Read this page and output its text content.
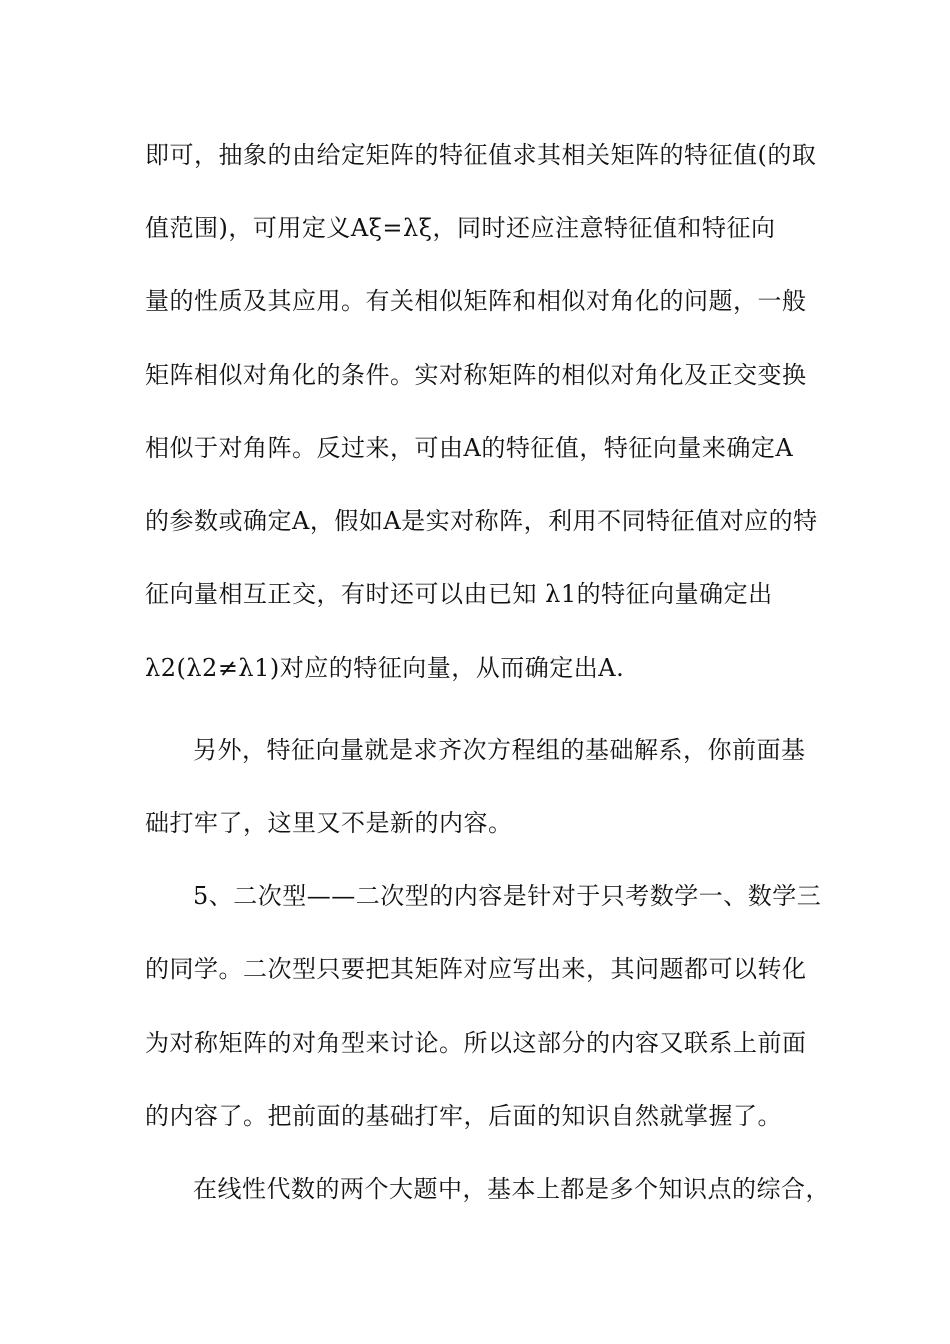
即可，抽象的由给定矩阵的特征值求其相关矩阵的特征值(的取
值范围)，可用定义Aξ=λξ，同时还应注意特征值和特征向
量的性质及其应用。有关相似矩阵和相似对角化的问题，一般
矩阵相似对角化的条件。实对称矩阵的相似对角化及正交变换
相似于对角阵。反过来，可由A的特征值，特征向量来确定A
的参数或确定A，假如A是实对称阵，利用不同特征值对应的特
征向量相互正交，有时还可以由已知 λ1的特征向量确定出
λ2(λ2≠λ1)对应的特征向量，从而确定出A.
另外，特征向量就是求齐次方程组的基础解系，你前面基
础打牢了，这里又不是新的内容。
5、二次型——二次型的内容是针对于只考数学一、数学三
的同学。二次型只要把其矩阵对应写出来，其问题都可以转化
为对称矩阵的对角型来讨论。所以这部分的内容又联系上前面
的内容了。把前面的基础打牢，后面的知识自然就掌握了。
在线性代数的两个大题中，基本上都是多个知识点的综合，
